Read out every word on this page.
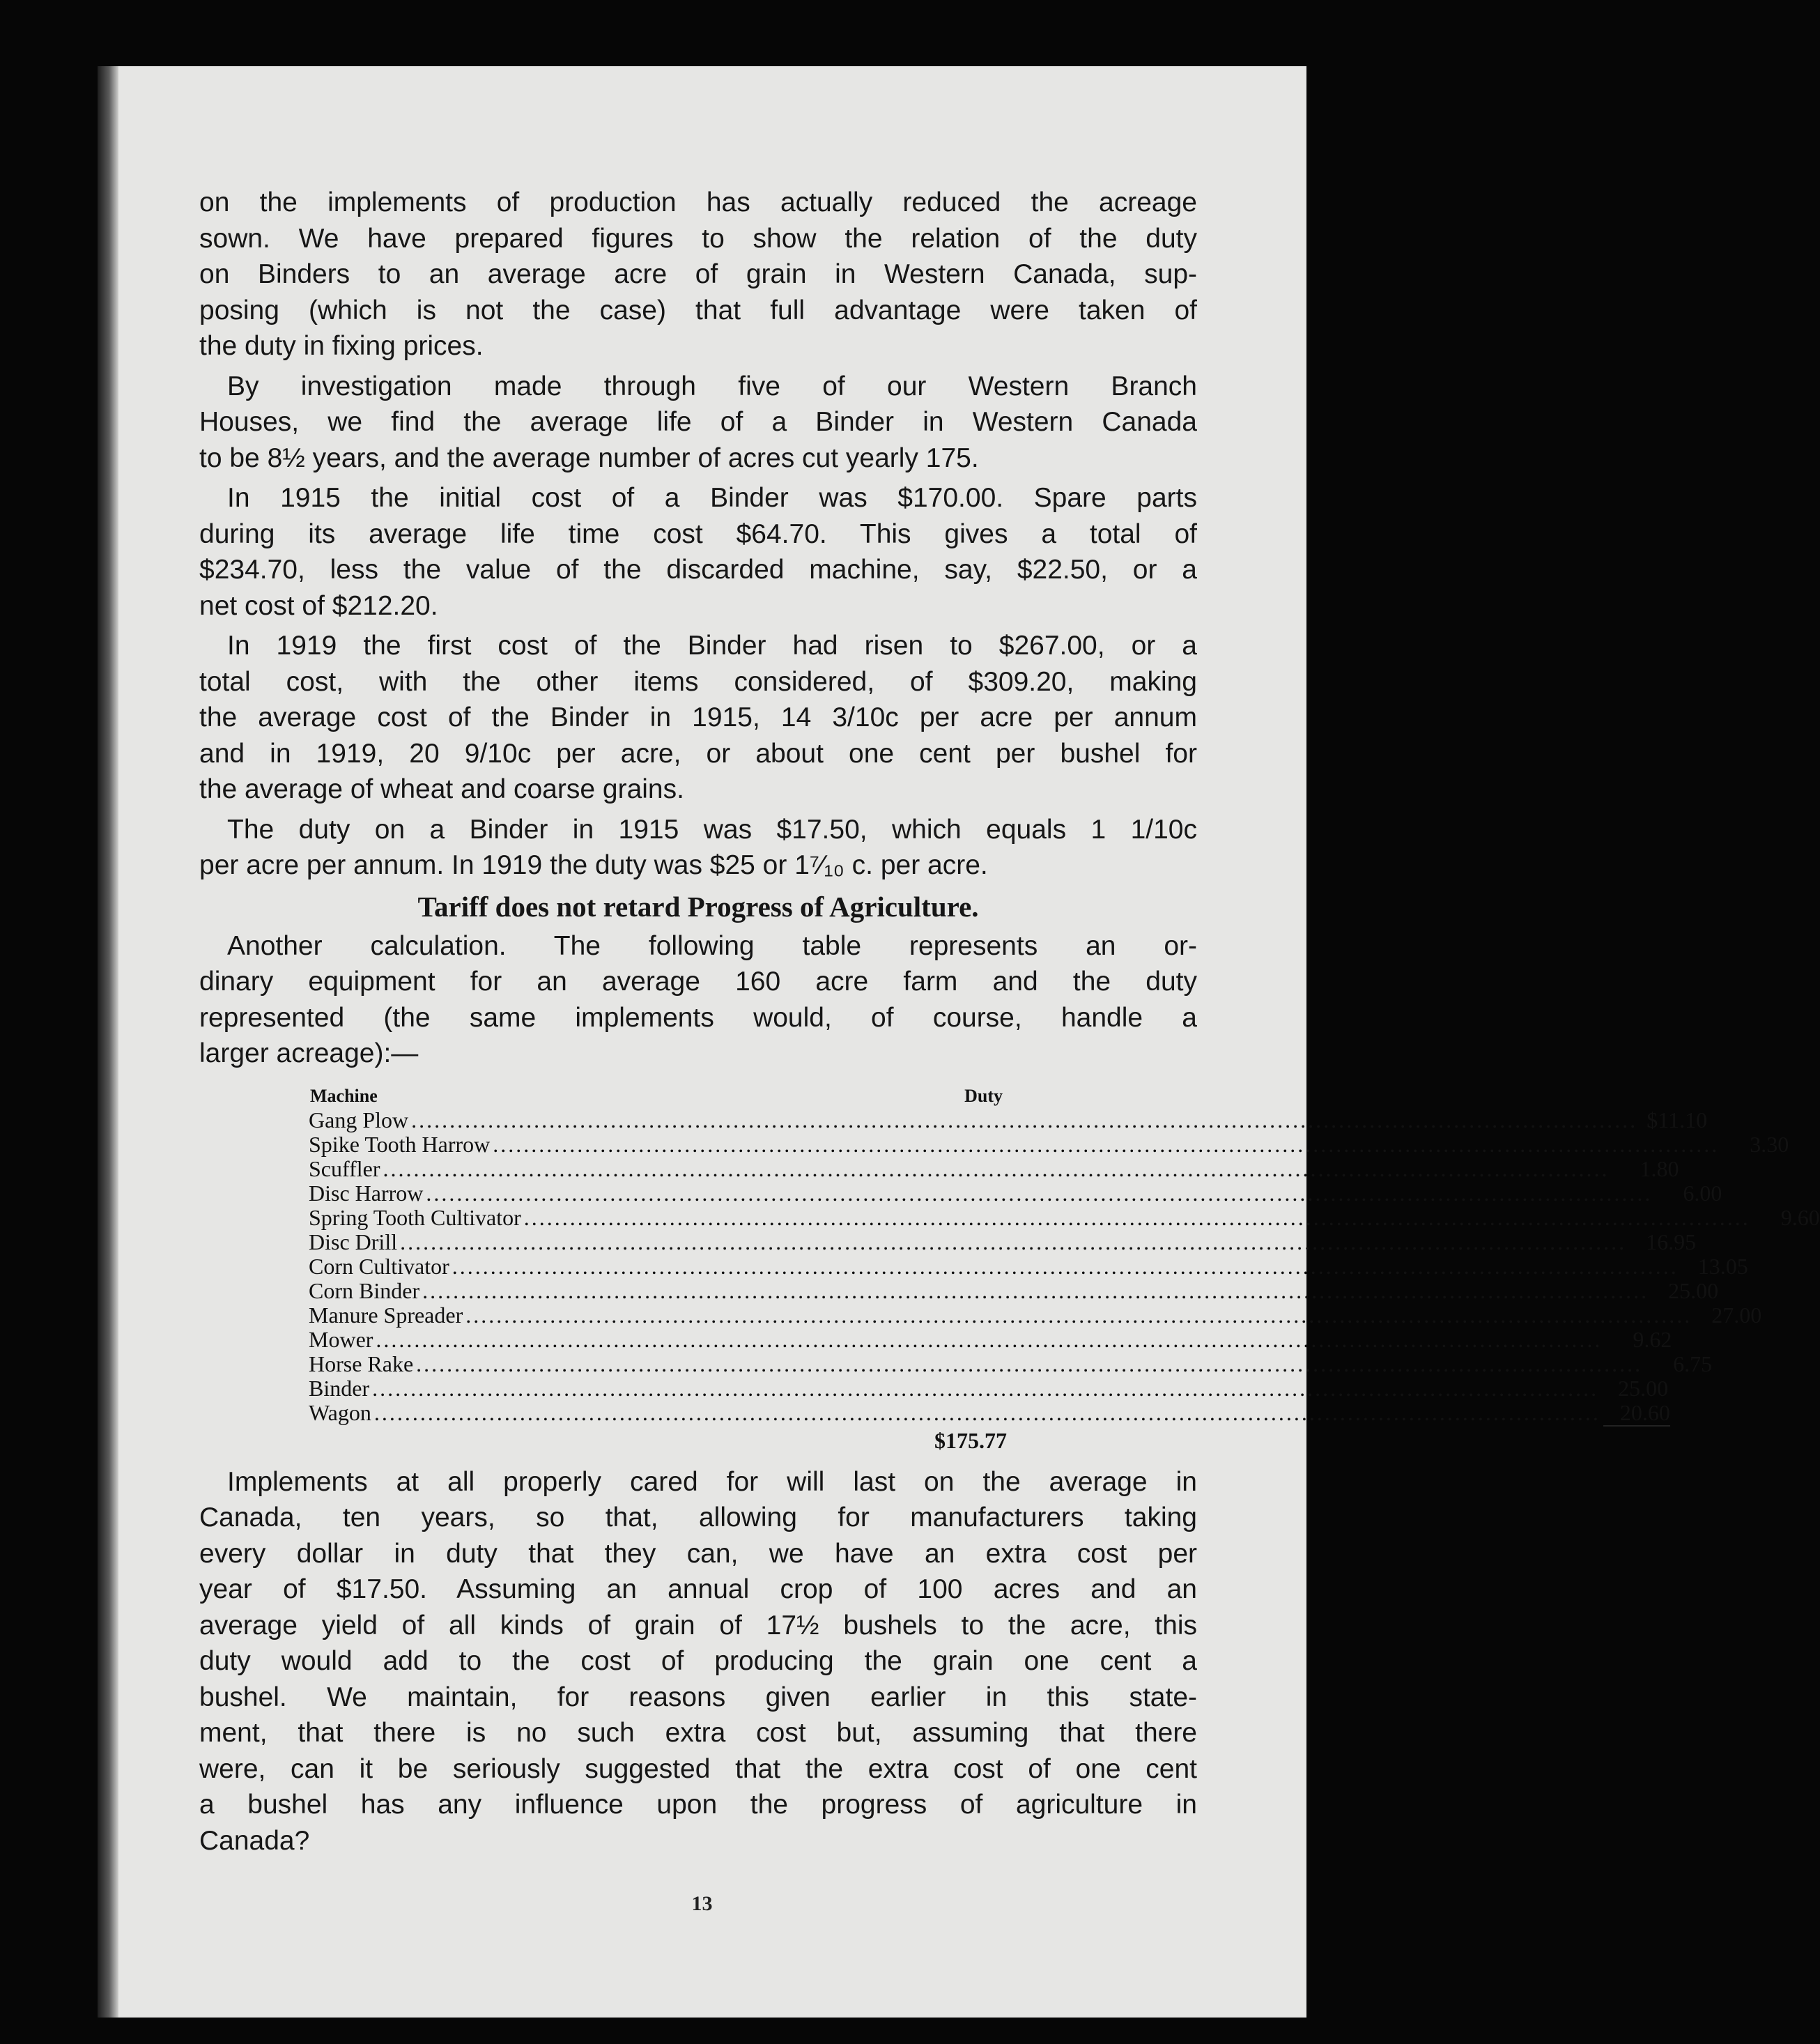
on the implements of production has actually reduced the acreage
sown. We have prepared figures to show the relation of the duty
on Binders to an average acre of grain in Western Canada, sup-
posing (which is not the case) that full advantage were taken of
the duty in fixing prices.
By investigation made through five of our Western Branch
Houses, we find the average life of a Binder in Western Canada
to be 8½ years, and the average number of acres cut yearly 175.
In 1915 the initial cost of a Binder was $170.00. Spare parts
during its average life time cost $64.70. This gives a total of
$234.70, less the value of the discarded machine, say, $22.50, or a
net cost of $212.20.
In 1919 the first cost of the Binder had risen to $267.00, or a
total cost, with the other items considered, of $309.20, making
the average cost of the Binder in 1915, 14 3/10c per acre per annum
and in 1919, 20 9/10c per acre, or about one cent per bushel for
the average of wheat and coarse grains.
The duty on a Binder in 1915 was $17.50, which equals 1 1/10c
per acre per annum. In 1919 the duty was $25 or 1⁷⁄₁₀ c. per acre.
Tariff does not retard Progress of Agriculture.
Another calculation. The following table represents an or-
dinary equipment for an average 160 acre farm and the duty
represented (the same implements would, of course, handle a
larger acreage):—
Machine	Duty
Gang Plow ................................................................................................................................................................ $11.10
Spike Tooth Harrow ................................................................................................................................................................	3.30
Scuffler ................................................................................................................................................................	1.80
Disc Harrow ................................................................................................................................................................	6.00
Spring Tooth Cultivator ................................................................................................................................................................	9.60
Disc Drill ................................................................................................................................................................ 16.95
Corn Cultivator ................................................................................................................................................................ 13.05
Corn Binder ................................................................................................................................................................ 25.00
Manure Spreader ................................................................................................................................................................ 27.00
Mower ................................................................................................................................................................	9.62
Horse Rake ................................................................................................................................................................	6.75
Binder ................................................................................................................................................................ 25.00
Wagon ................................................................................................................................................................ 20.60
$175.77
Implements at all properly cared for will last on the average in
Canada, ten years, so that, allowing for manufacturers taking
every dollar in duty that they can, we have an extra cost per
year of $17.50. Assuming an annual crop of 100 acres and an
average yield of all kinds of grain of 17½ bushels to the acre, this
duty would add to the cost of producing the grain one cent a
bushel. We maintain, for reasons given earlier in this state-
ment, that there is no such extra cost but, assuming that there
were, can it be seriously suggested that the extra cost of one cent
a bushel has any influence upon the progress of agriculture in
Canada?
13
